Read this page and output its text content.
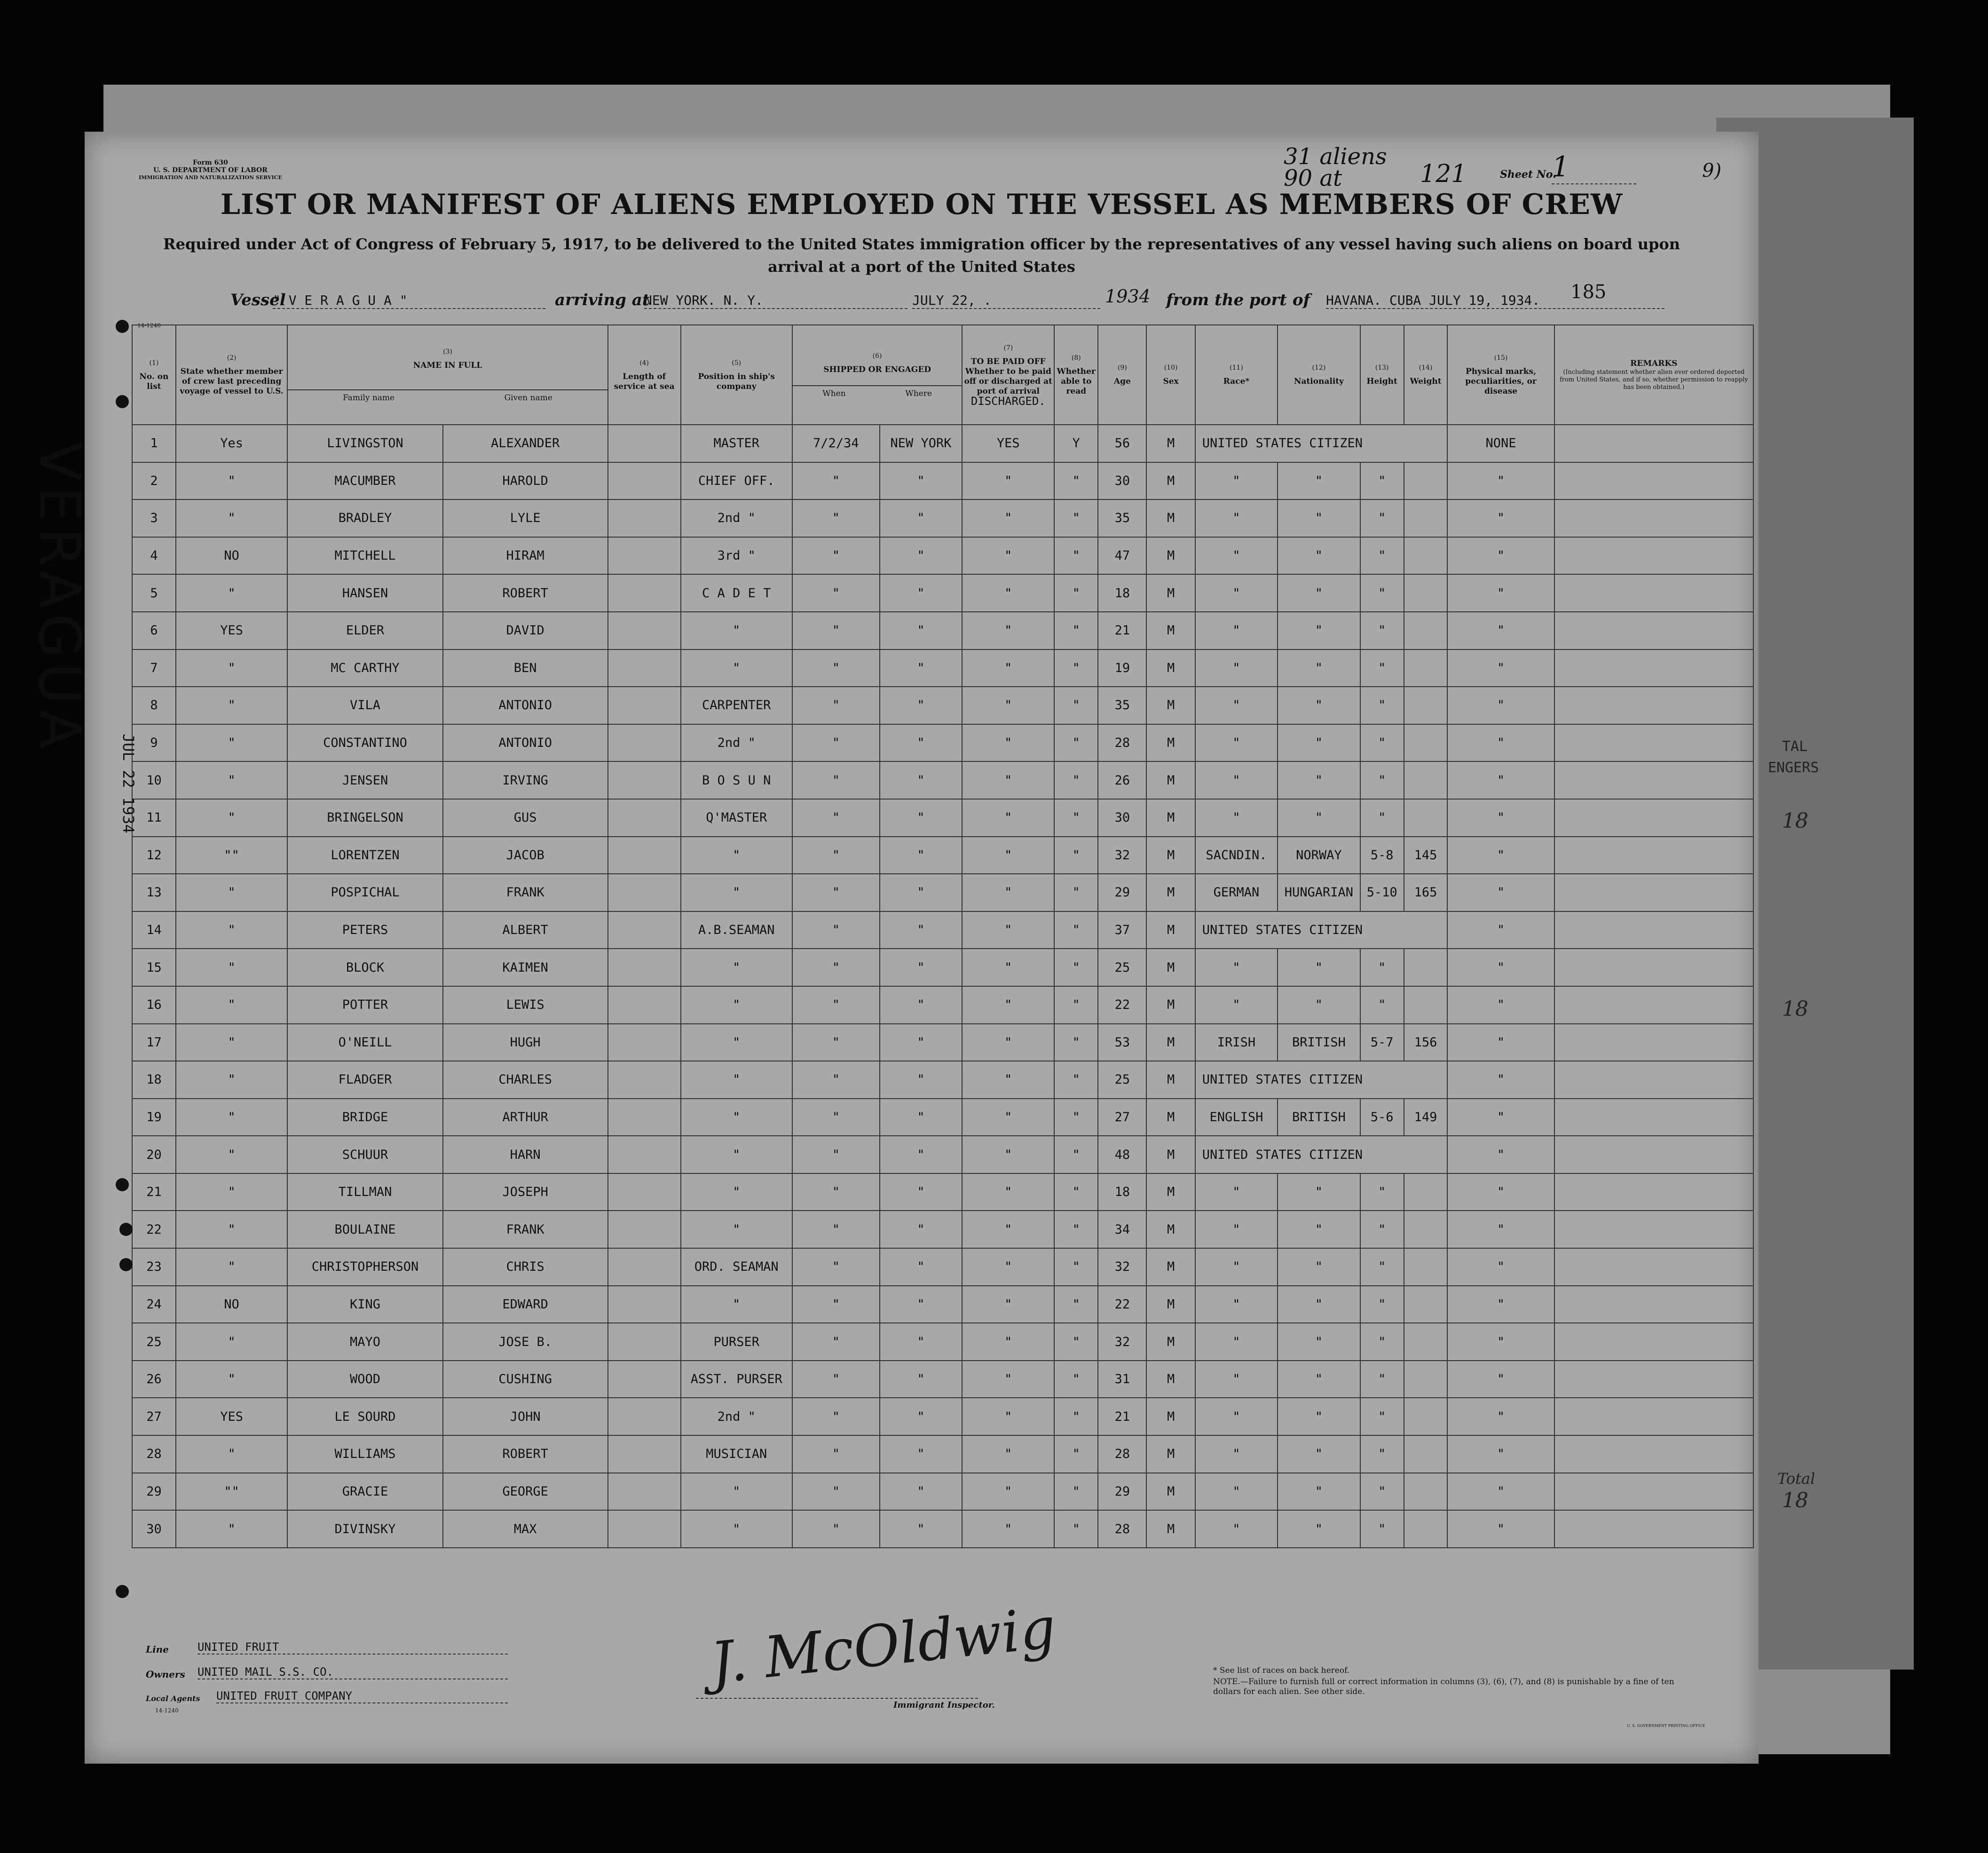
TAL
ENGERS
18
18
Total
18
Form 630
U. S. DEPARTMENT OF LABOR
IMMIGRATION AND NATURALIZATION SERVICE
31 aliens
90 at	121	Sheet No.
1	9)
LIST OR MANIFEST OF ALIENS EMPLOYED ON THE VESSEL AS MEMBERS OF CREW
Required under Act of Congress of February 5, 1917, to be delivered to the United States immigration officer by the representatives of any vessel having such aliens on board upon arrival at a port of the United States
Vessel
" V E R A G U A "	arriving at
NEW YORK. N. Y.	JULY 22, .	1934 from the port of HAVANA. CUBA JULY 19, 1934.	185
14-1240
(1)
No. on list	(2)
State whether member of crew last preceding voyage of vessel to U.S.	(3)
NAME IN FULL
Family name Given name		(4)
Length of service at sea	(5)
Position in ship's company	(6)
SHIPPED OR ENGAGED
When Where		(7)
TO BE PAID OFF Whether to be paid off or discharged at port of arrival
DISCHARGED.	(8)
Whether able to read	(9)
Age	(10)
Sex	(11)
Race*	(12)
Nationality	(13)
Height	(14)
Weight	(15)
Physical marks, peculiarities, or disease	REMARKS
(Including statement whether alien ever ordered deported from United States, and if so, whether permission to reapply has been obtained.)

1	Yes	LIVINGSTON	ALEXANDER		MASTER	7/2/34	NEW YORK	YES	Y	56	M	UNITED STATES CITIZEN				NONE	
2	"	MACUMBER	HAROLD		CHIEF OFF.	"	"	"	"	30	M	"	"	"		"	
3	"	BRADLEY	LYLE		2nd "	"	"	"	"	35	M	"	"	"		"	
4	NO	MITCHELL	HIRAM		3rd "	"	"	"	"	47	M	"	"	"		"	
5	"	HANSEN	ROBERT		C A D E T	"	"	"	"	18	M	"	"	"		"	
6	YES	ELDER	DAVID		"	"	"	"	"	21	M	"	"	"		"	
7	"	MC CARTHY	BEN		"	"	"	"	"	19	M	"	"	"		"	
8	"	VILA	ANTONIO		CARPENTER	"	"	"	"	35	M	"	"	"		"	
9	"	CONSTANTINO	ANTONIO		2nd "	"	"	"	"	28	M	"	"	"		"	
10	"	JENSEN	IRVING		B O S U N	"	"	"	"	26	M	"	"	"		"	
11	"	BRINGELSON	GUS		Q'MASTER	"	"	"	"	30	M	"	"	"		"	
12	""	LORENTZEN	JACOB		"	"	"	"	"	32	M	SACNDIN.	NORWAY	5-8	145	"	
13	"	POSPICHAL	FRANK		"	"	"	"	"	29	M	GERMAN	HUNGARIAN	5-10	165	"	
14	"	PETERS	ALBERT		A.B.SEAMAN	"	"	"	"	37	M	UNITED STATES CITIZEN				"	
15	"	BLOCK	KAIMEN		"	"	"	"	"	25	M	"	"	"		"	
16	"	POTTER	LEWIS		"	"	"	"	"	22	M	"	"	"		"	
17	"	O'NEILL	HUGH		"	"	"	"	"	53	M	IRISH	BRITISH	5-7	156	"	
18	"	FLADGER	CHARLES		"	"	"	"	"	25	M	UNITED STATES CITIZEN				"	
19	"	BRIDGE	ARTHUR		"	"	"	"	"	27	M	ENGLISH	BRITISH	5-6	149	"	
20	"	SCHUUR	HARN		"	"	"	"	"	48	M	UNITED STATES CITIZEN				"	
21	"	TILLMAN	JOSEPH		"	"	"	"	"	18	M	"	"	"		"	
22	"	BOULAINE	FRANK		"	"	"	"	"	34	M	"	"	"		"	
23	"	CHRISTOPHERSON	CHRIS		ORD. SEAMAN	"	"	"	"	32	M	"	"	"		"	
24	NO	KING	EDWARD		"	"	"	"	"	22	M	"	"	"		"	
25	"	MAYO	JOSE B.		PURSER	"	"	"	"	32	M	"	"	"		"	
26	"	WOOD	CUSHING		ASST. PURSER	"	"	"	"	31	M	"	"	"		"	
27	YES	LE SOURD	JOHN		2nd "	"	"	"	"	21	M	"	"	"		"	
28	"	WILLIAMS	ROBERT		MUSICIAN	"	"	"	"	28	M	"	"	"		"	
29	""	GRACIE	GEORGE		"	"	"	"	"	29	M	"	"	"		"	
30	"	DIVINSKY	MAX		"	"	"	"	"	28	M	"	"	"		"	
Line	UNITED FRUIT
Owners UNITED MAIL S.S. CO.
Local Agents UNITED FRUIT COMPANY
14-1240
J. McOldwig
Immigrant Inspector.
* See list of races on back hereof.
NOTE.—Failure to furnish full or correct information in columns (3), (6), (7), and (8) is punishable by a fine of ten dollars for each alien. See other side.
U. S. GOVERNMENT PRINTING OFFICE
VERAGUA
JUL 22 1934
